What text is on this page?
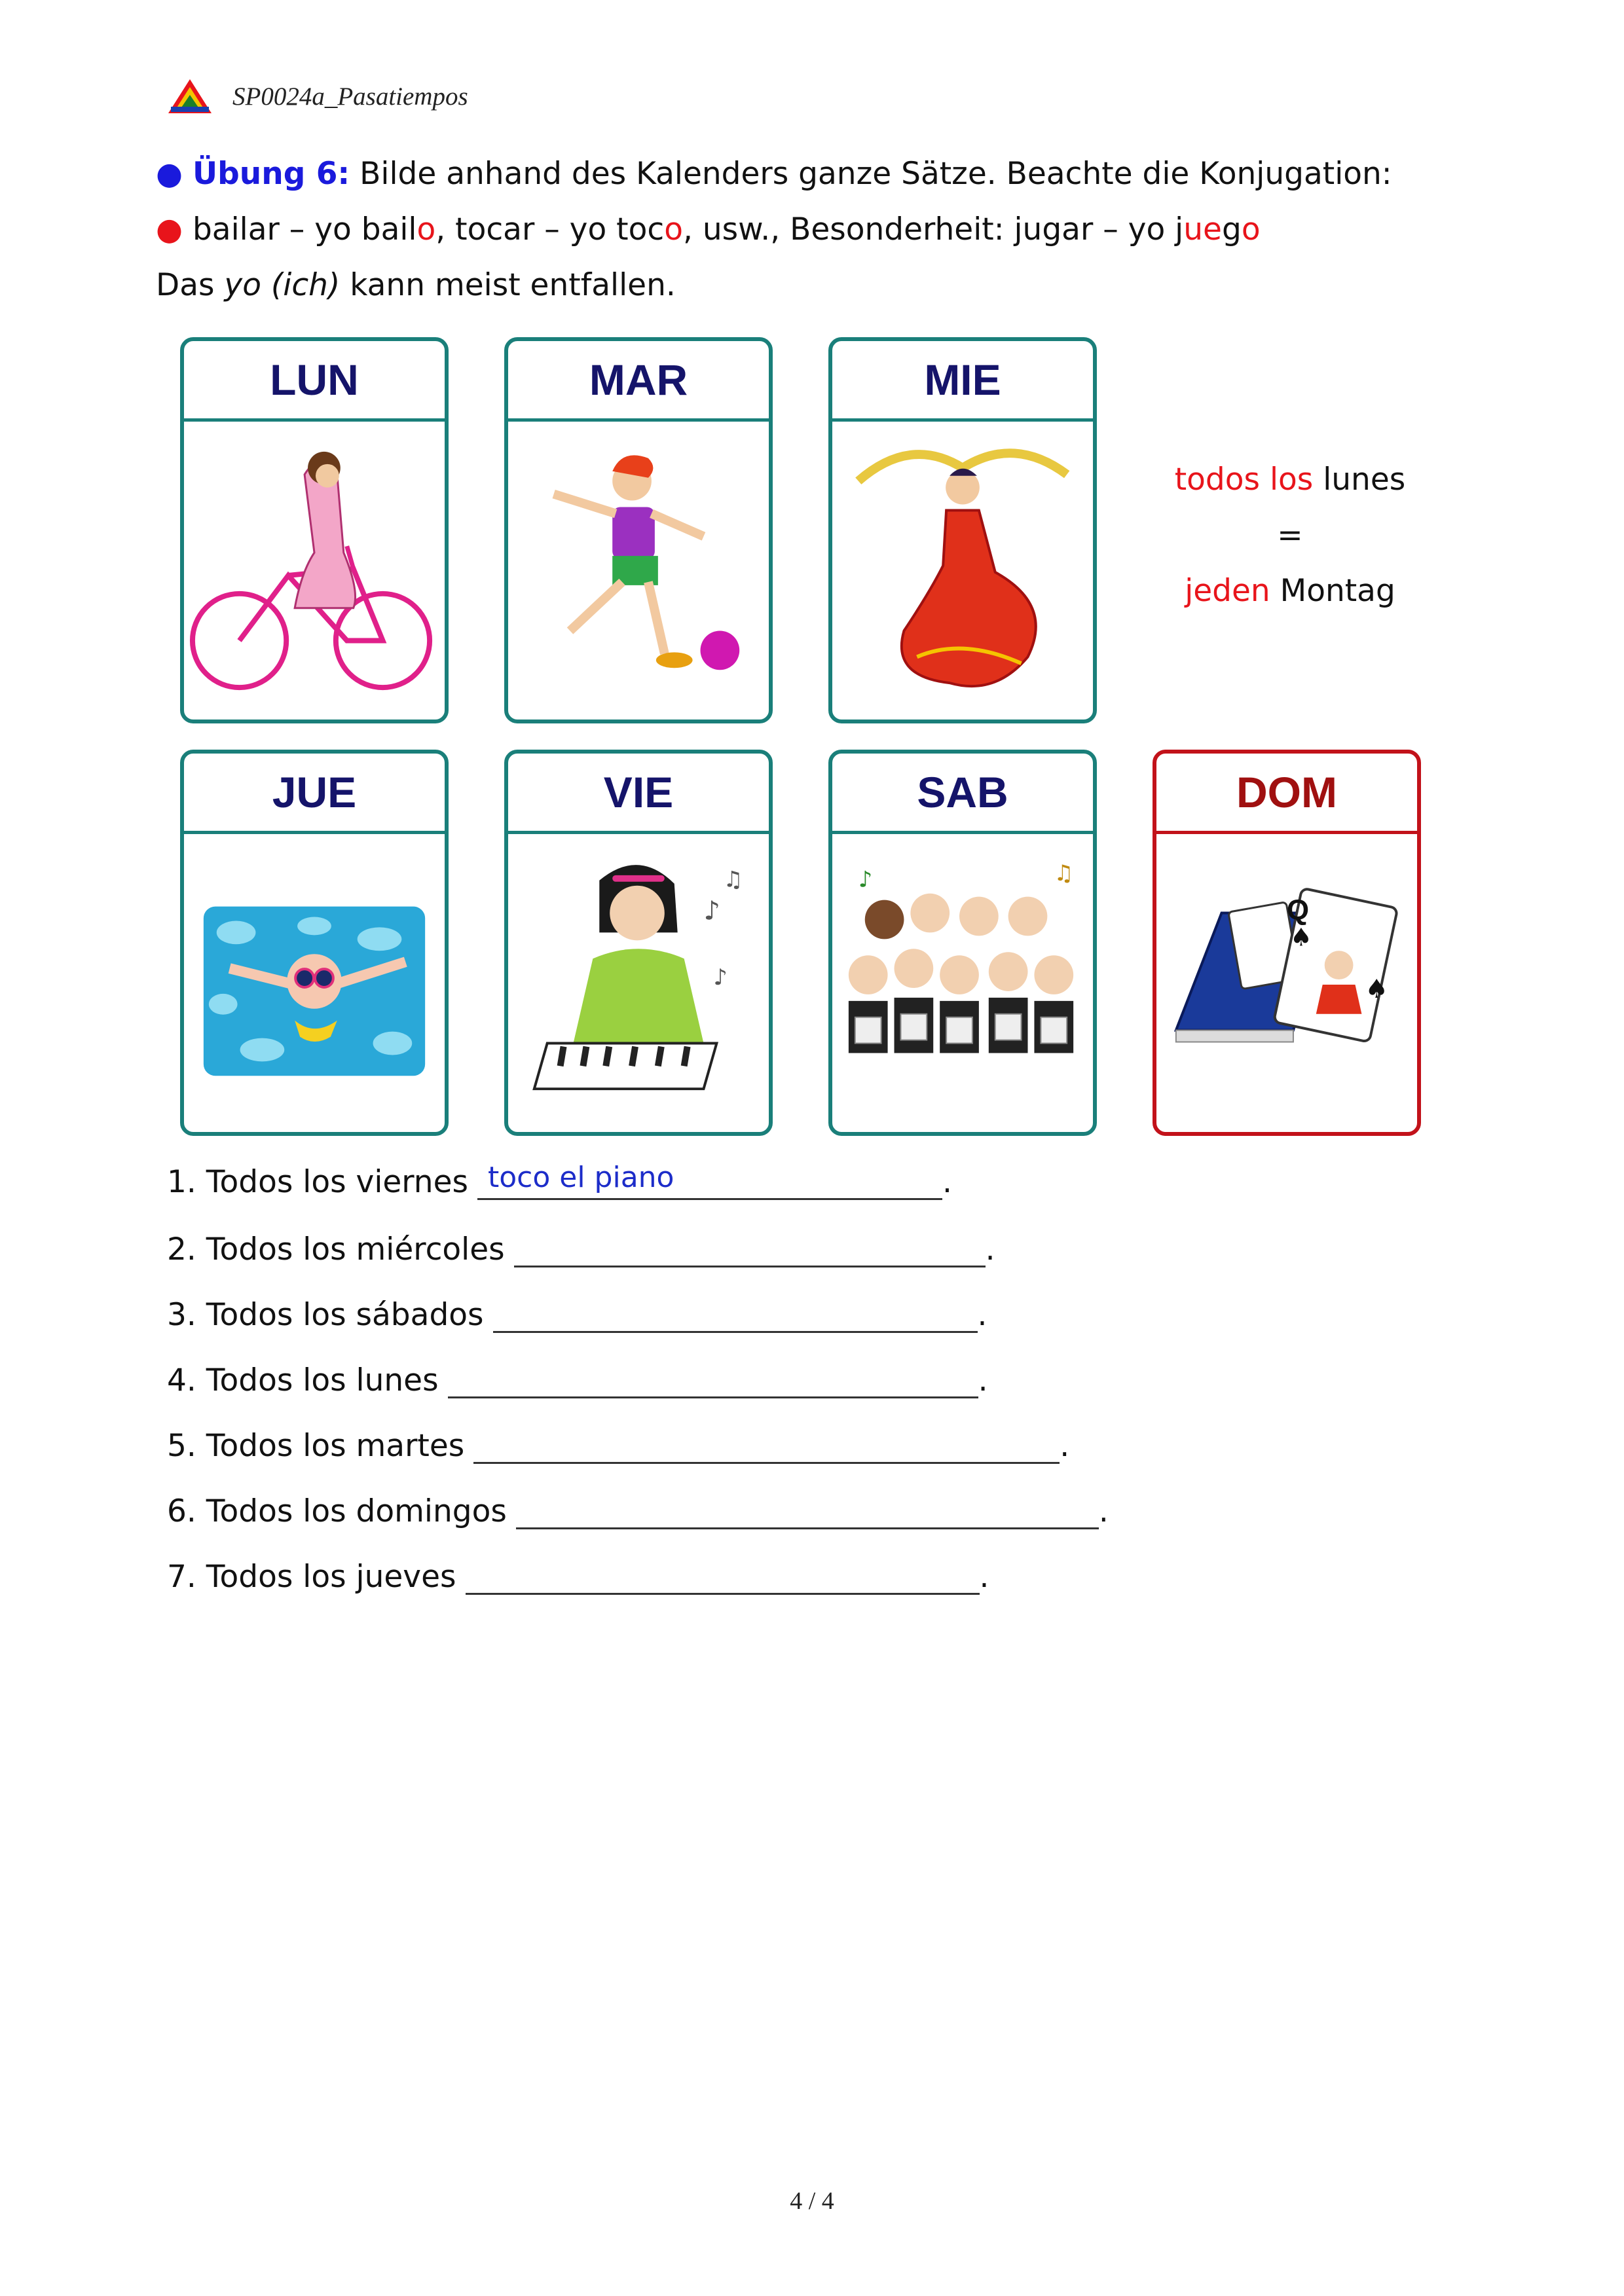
SP0024a_Pasatiempos
● Übung 6: Bilde anhand des Kalenders ganze Sätze. Beachte die Konjugation:
● bailar – yo bailo, tocar – yo toco, usw., Besonderheit: jugar – yo juego
Das yo (ich) kann meist entfallen.
LUN	MAR	MIE
todos los lunes
=
jeden Montag
JUE	VIE
♪
♫
♪
SAB
♪	♫
DOM
Q
♠
♠
1. Todos los viernes toco el piano	.
2. Todos los miércoles	.
3. Todos los sábados	.
4. Todos los lunes	.
5. Todos los martes	.
6. Todos los domingos	.
7. Todos los jueves	.
4 / 4
